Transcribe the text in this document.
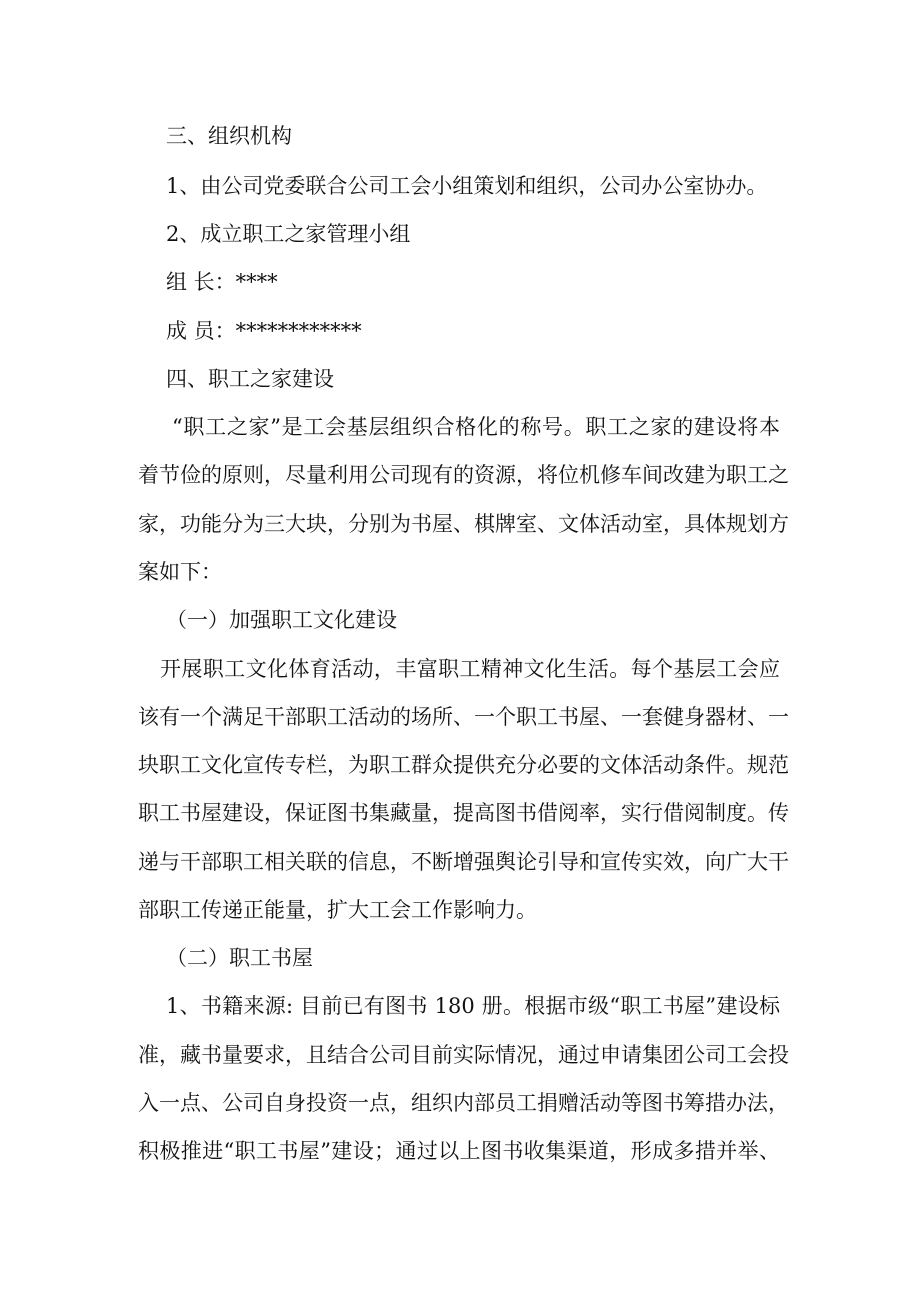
三、组织机构

1、由公司党委联合公司工会小组策划和组织，公司办公室协办。

2、成立职工之家管理小组

组 长：****

成 员：************

四、职工之家建设

“职工之家”是工会基层组织合格化的称号。职工之家的建设将本

着节俭的原则，尽量利用公司现有的资源，将位机修车间改建为职工之

家，功能分为三大块，分别为书屋、棋牌室、文体活动室，具体规划方

案如下：

（一）加强职工文化建设

开展职工文化体育活动，丰富职工精神文化生活。每个基层工会应

该有一个满足干部职工活动的场所、一个职工书屋、一套健身器材、一

块职工文化宣传专栏，为职工群众提供充分必要的文体活动条件。规范

职工书屋建设，保证图书集藏量，提高图书借阅率，实行借阅制度。传

递与干部职工相关联的信息，不断增强舆论引导和宣传实效，向广大干

部职工传递正能量，扩大工会工作影响力。

（二）职工书屋

1、书籍来源: 目前已有图书 180 册。根据市级“职工书屋”建设标

准，藏书量要求，且结合公司目前实际情况，通过申请集团公司工会投

入一点、公司自身投资一点，组织内部员工捐赠活动等图书筹措办法，

积极推进“职工书屋”建设；通过以上图书收集渠道，形成多措并举、
